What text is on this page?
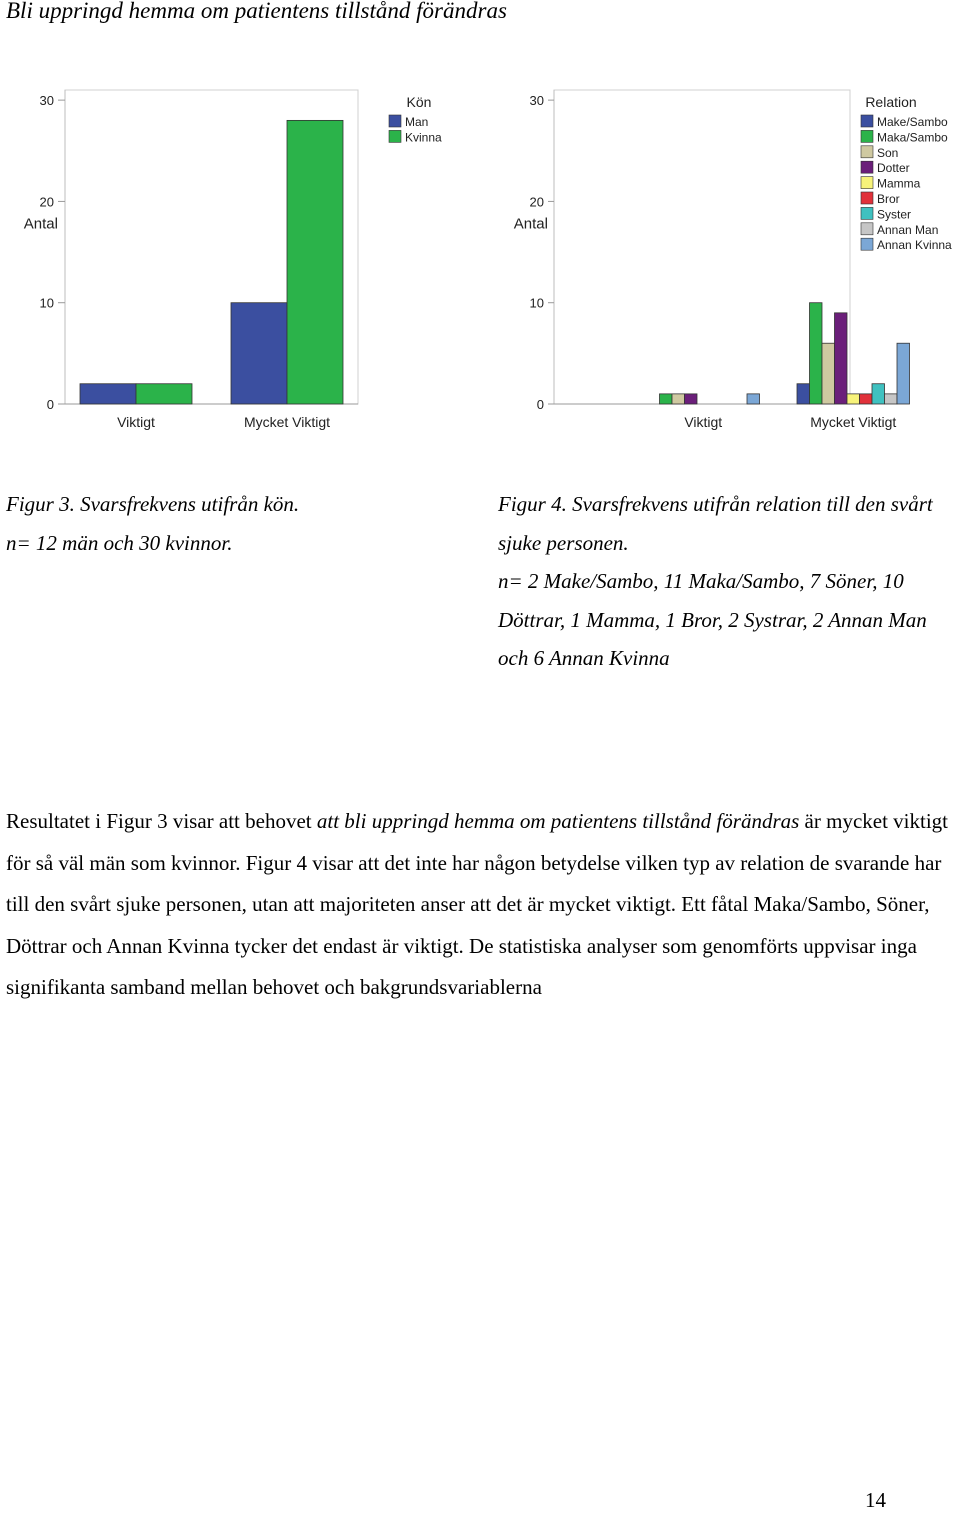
Bli uppringd hemma om patientens tillstånd förändras
0
10
20
30
Antal
Viktigt	Mycket Viktigt
Kön
Man
Kvinna
0
10
20
30
Antal
Viktigt	Mycket Viktigt
Relation
Make/Sambo
Maka/Sambo
Son
Dotter
Mamma
Bror
Syster
Annan Man
Annan Kvinna
Figur 3. Svarsfrekvens utifrån kön.
n= 12 män och 30 kvinnor.
Figur 4. Svarsfrekvens utifrån relation till den svårt
sjuke personen.
n= 2 Make/Sambo, 11 Maka/Sambo, 7 Söner, 10
Döttrar, 1 Mamma, 1 Bror, 2 Systrar, 2 Annan Man
och 6 Annan Kvinna

Resultatet i Figur 3 visar att behovet att bli uppringd hemma om patientens tillstånd förändras är mycket viktigt för så väl män som kvinnor. Figur 4 visar att det inte har någon betydelse vilken typ av relation de svarande har till den svårt sjuke personen, utan att majoriteten anser att det är mycket viktigt. Ett fåtal Maka/Sambo, Söner, Döttrar och Annan Kvinna tycker det endast är viktigt. De statistiska analyser som genomförts uppvisar inga signifikanta samband mellan behovet och bakgrundsvariablerna

14
